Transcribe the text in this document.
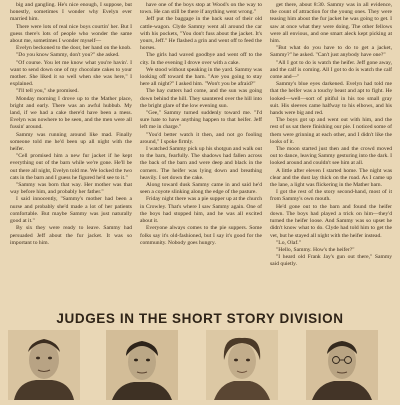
big and gangling. He's nice enough, I suppose, but honestly, sometimes I wonder why Evelyn ever married him.

There were lots of real nice boys courtin' her. But I guess there's lots of people who wonder the same about me, sometimes I wonder myself—

Evelyn beckoned to the door, her hand on the knob.

"Do you know Sammy, don't you?" she asked.

"Of course. You let me know what you're havin'. I want to send down one of my chocolate cakes to your mother. She liked it so well when she was here," I explained.

"I'll tell you," she promised.

Monday morning I drove up to the Mather place, bright and early. There was an awful hubbub. My land, if we had a cake there'd have been a mess. Evelyn was nowhere to be seen, and the men were all fussin' around.

Sammy was running around like mad. Finally someone told me he'd been up all night with the heifer.

"Cell promised him a new fur jacket if he kept everything out of the barn while we're gone. He'll be out there all night, Evelyn told me. We locked the two cats in the barn and I guess he figured he'd see to it."

"Sammy was born that way. Her mother was that way before him, and probably her father."

I said innocently, "Sammy's mother had been a nurse and probably she'd made a lot of her patients comfortable. But maybe Sammy was just naturally good at it."

By six they were ready to leave. Sammy had persuaded Jeff about the fur jacket. It was so important to him.

have one of the boys stop at Wood's on the way to town. He can still be there if anything went wrong."

Jeff put the baggage in the back seat of their old cattle-wagon. Clyde Sammy went all around the car with his pockets, "You don't fuss about the jacket. It's yours, Jeff." He flashed a grin and went off to feed the horses.

The girls had waved goodbye and went off to the city. In the evening I drove over with a cake.

We stood without speaking in the yard. Sammy was looking off toward the barn. "Are you going to stay here all night?" I asked him. "Won't you be afraid?"

The hay cutters had come, and the sun was going down behind the hill. They sauntered over the hill into the bright glare of the low evening sun.

"Gee," Sammy turned suddenly toward me. "I'd sure hate to have anything happen to that heifer. Jeff left me in charge."

"You'd better watch it then, and not go fooling around," I spoke firmly.

I watched Sammy pick up his shotgun and walk out to the barn, fearfully. The shadows had fallen across the back of the barn and were deep and black in the corners. The heifer was lying down and breathing heavily. I set down the cake.

Along toward dusk Sammy came in and said he'd seen a coyote slinking along the edge of the pasture.

Friday night there was a pie supper up at the church in Crowley. That's where I saw Sammy again. One of the boys had stopped him, and he was all excited about it.

Everyone always comes to the pie suppers. Some folks say it's old-fashioned, but I say it's good for the community. Nobody goes hungry.

get there, about 8:30. Sammy was in all evidence, the count of attraction for the young ones. They were teasing him about the fur jacket he was going to get. I saw at once what they were doing. The other fellows were all envious, and one smart aleck kept picking at him.

"But what do you have to do to get a jacket, Sammy?" he asked. "Can't just anybody have one?"

"All I got to do is watch the heifer. Jeff gone away, and the calf is coming. All I got to do is watch the calf come and—"

Sammy's blue eyes darkened. Evelyn had told me that the heifer was a touchy beast and apt to fight. He looked—well—sort of pitiful in his too small gray suit. His sleeves came halfway to his elbows, and his hands were big and red.

The boys got up and went out with him, and the rest of us sat there finishing our pie. I noticed some of them were grinning at each other, and I didn't like the looks of it.

The moon started just then and the crowd moved out to dance, leaving Sammy gesturing into the dark. I looked around and couldn't see him at all.

A little after eleven I started home. The night was clear and the dust lay thick on the road. As I came up the lane, a light was flickering in the Mather barn.

I got the rest of the story second-hand, most of it from Sammy's own mouth.

He'd gone out to the barn and found the heifer down. The boys had played a trick on him—they'd turned the heifer loose. And Sammy was so upset he didn't know what to do. Clyde had told him to get the vet, but he stayed all night with the heifer instead.

"Lo, Olaf."

"Hello, Sammy. How's the heifer?"

"I heard old Frank Jay's gun out there," Sammy said quietly.

JUDGES IN THE SHORT STORY DIVISION
